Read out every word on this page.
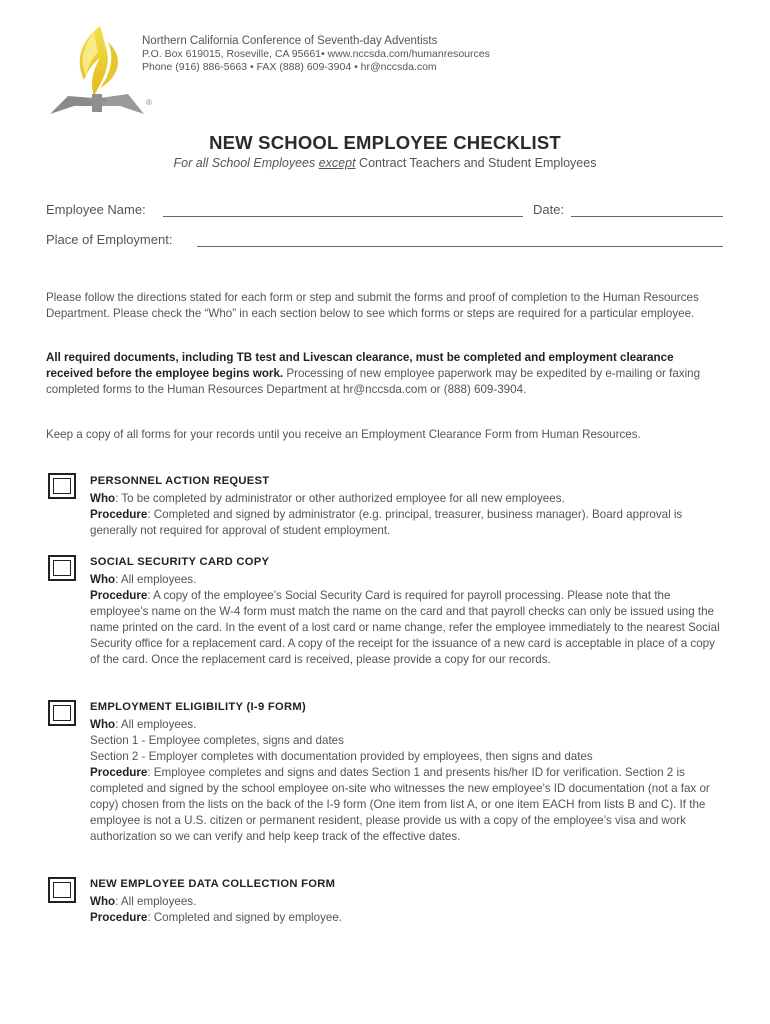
Northern California Conference of Seventh-day Adventists
P.O. Box 619015, Roseville, CA 95661• www.nccsda.com/humanresources
Phone (916) 886-5663 • FAX (888) 609-3904 • hr@nccsda.com
®
NEW SCHOOL EMPLOYEE CHECKLIST
For all School Employees except Contract Teachers and Student Employees
Employee Name:	Date:
Place of Employment:
Please follow the directions stated for each form or step and submit the forms and proof of completion to the Human Resources Department. Please check the “Who” in each section below to see which forms or steps are required for a particular employee.
All required documents, including TB test and Livescan clearance, must be completed and employment clearance received before the employee begins work. Processing of new employee paperwork may be expedited by e-mailing or faxing completed forms to the Human Resources Department at hr@nccsda.com or (888) 609-3904.
Keep a copy of all forms for your records until you receive an Employment Clearance Form from Human Resources.
PERSONNEL ACTION REQUEST
Who: To be completed by administrator or other authorized employee for all new employees.
Procedure: Completed and signed by administrator (e.g. principal, treasurer, business manager). Board approval is generally not required for approval of student employment.
SOCIAL SECURITY CARD COPY
Who: All employees.
Procedure: A copy of the employee’s Social Security Card is required for payroll processing. Please note that the employee’s name on the W-4 form must match the name on the card and that payroll checks can only be issued using the name printed on the card. In the event of a lost card or name change, refer the employee immediately to the nearest Social Security office for a replacement card. A copy of the receipt for the issuance of a new card is acceptable in place of a copy of the card. Once the replacement card is received, please provide a copy for our records.
EMPLOYMENT ELIGIBILITY (I-9 FORM)
Who: All employees.
Section 1 - Employee completes, signs and dates
Section 2 - Employer completes with documentation provided by employees, then signs and dates
Procedure: Employee completes and signs and dates Section 1 and presents his/her ID for verification. Section 2 is completed and signed by the school employee on-site who witnesses the new employee’s ID documentation (not a fax or copy) chosen from the lists on the back of the I-9 form (One item from list A, or one item EACH from lists B and C). If the employee is not a U.S. citizen or permanent resident, please provide us with a copy of the employee’s visa and work authorization so we can verify and help keep track of the effective dates.
NEW EMPLOYEE DATA COLLECTION FORM
Who: All employees.
Procedure: Completed and signed by employee.
